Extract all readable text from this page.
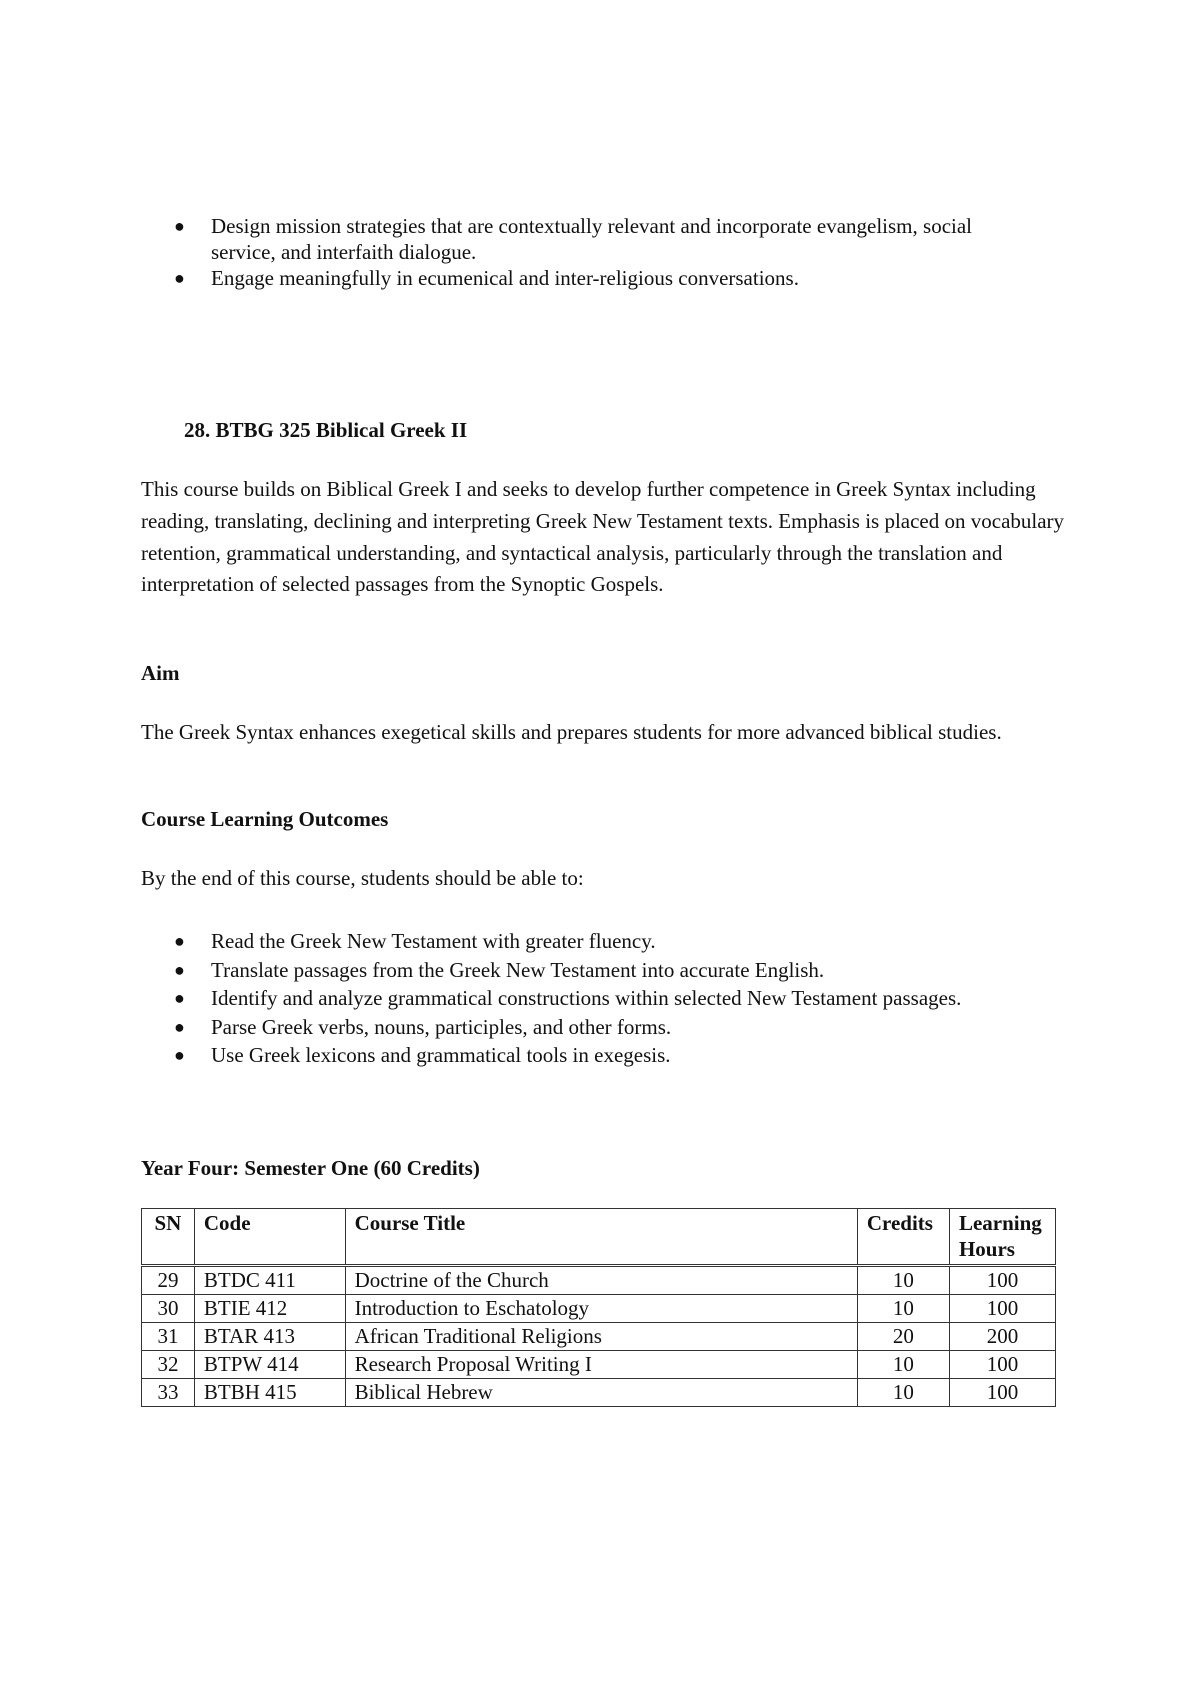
● Design mission strategies that are contextually relevant and incorporate evangelism, social service, and interfaith dialogue.
● Engage meaningfully in ecumenical and inter-religious conversations.

28. BTBG 325 Biblical Greek II

This course builds on Biblical Greek I and seeks to develop further competence in Greek Syntax including reading, translating, declining and interpreting Greek New Testament texts. Emphasis is placed on vocabulary retention, grammatical understanding, and syntactical analysis, particularly through the translation and interpretation of selected passages from the Synoptic Gospels.

Aim

The Greek Syntax enhances exegetical skills and prepares students for more advanced biblical studies.

Course Learning Outcomes

By the end of this course, students should be able to:

● Read the Greek New Testament with greater fluency.
● Translate passages from the Greek New Testament into accurate English.
● Identify and analyze grammatical constructions within selected New Testament passages.
● Parse Greek verbs, nouns, participles, and other forms.
● Use Greek lexicons and grammatical tools in exegesis.

Year Four: Semester One (60 Credits)

SN	Code	Course Title	Credits	Learning Hours
29	BTDC 411	Doctrine of the Church	10	100
30	BTIE 412	Introduction to Eschatology	10	100
31	BTAR 413	African Traditional Religions	20	200
32	BTPW 414	Research Proposal Writing I	10	100
33	BTBH 415	Biblical Hebrew	10	100
